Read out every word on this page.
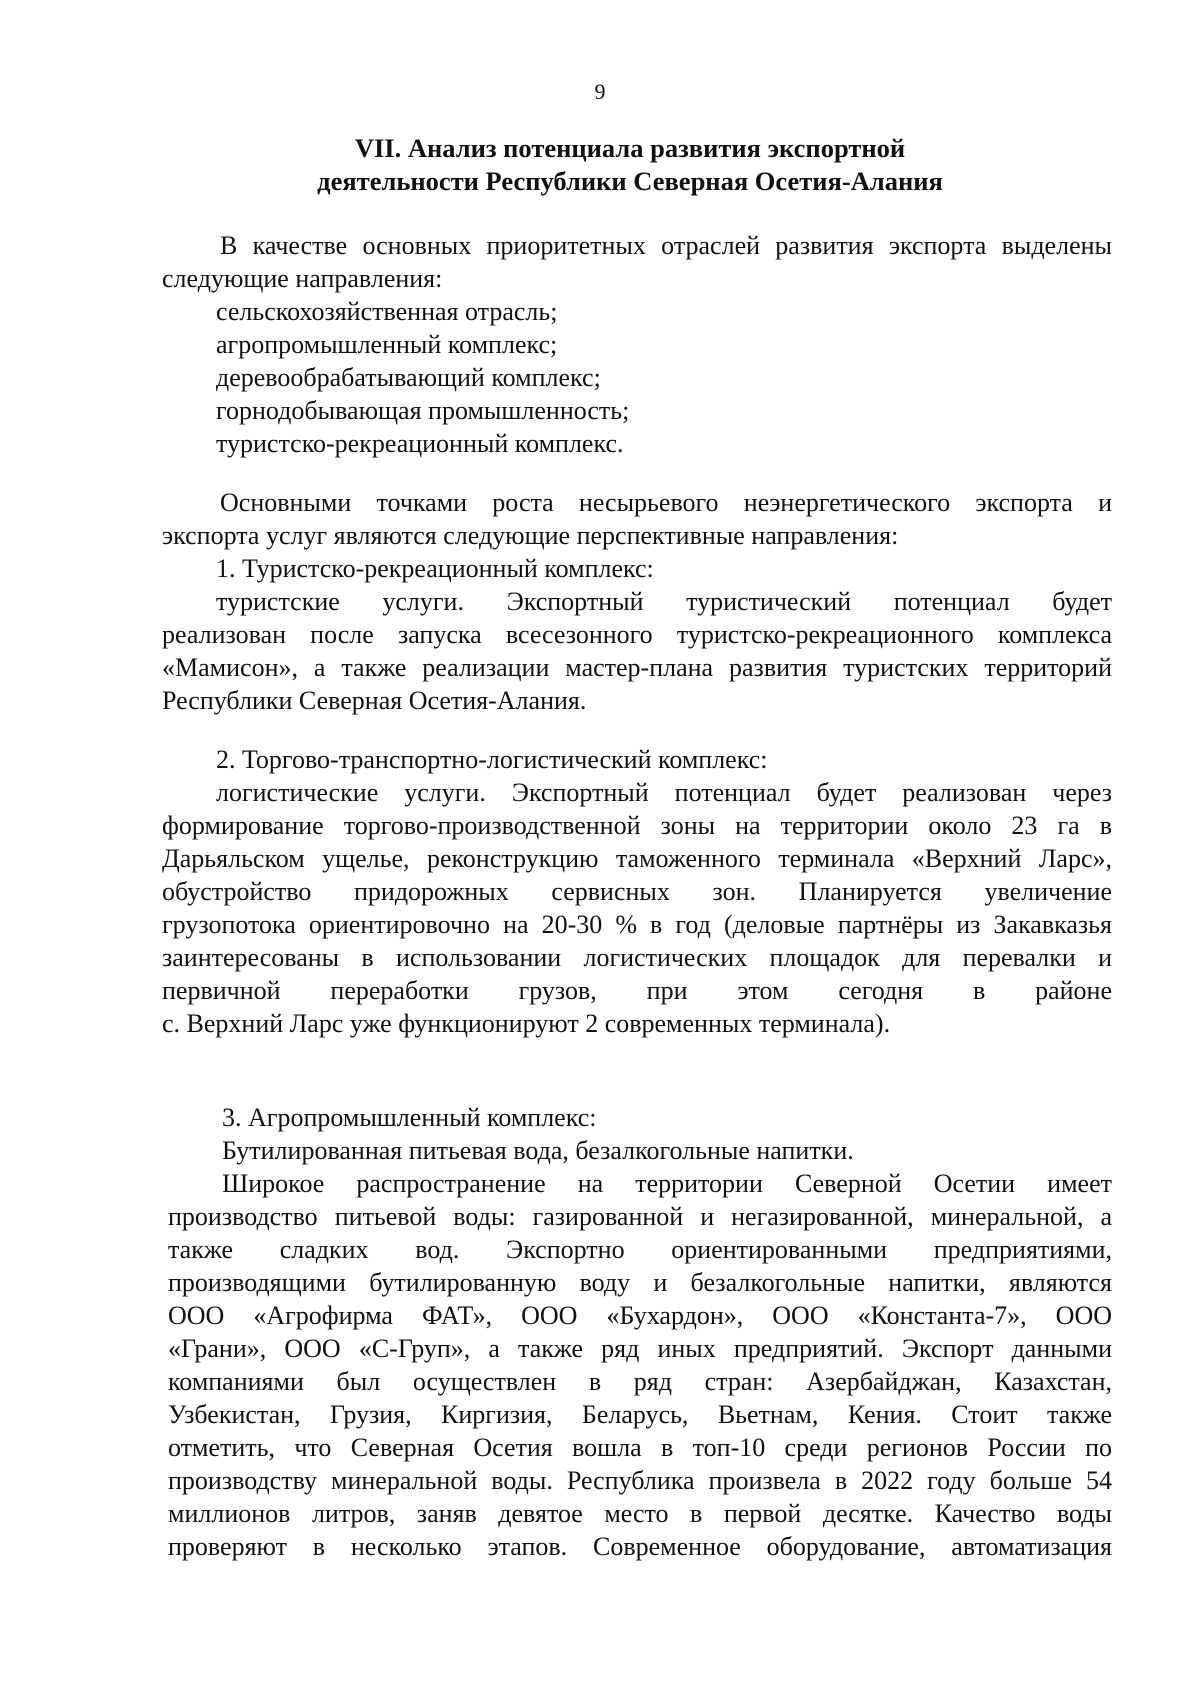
9
VII. Анализ потенциала развития экспортной
деятельности Республики Северная Осетия-Алания
В качестве основных приоритетных отраслей развития экспорта выделены
следующие направления:
сельскохозяйственная отрасль;
агропромышленный комплекс;
деревообрабатывающий комплекс;
горнодобывающая промышленность;
туристско-рекреационный комплекс.
Основными точками роста несырьевого неэнергетического экспорта и
экспорта услуг являются следующие перспективные направления:
1. Туристско-рекреационный комплекс:
туристские услуги. Экспортный туристический потенциал будет
реализован после запуска всесезонного туристско-рекреационного комплекса
«Мамисон», а также реализации мастер-плана развития туристских территорий
Республики Северная Осетия-Алания.
2. Торгово-транспортно-логистический комплекс:
логистические услуги. Экспортный потенциал будет реализован через
формирование торгово-производственной зоны на территории около 23 га в
Дарьяльском ущелье, реконструкцию таможенного терминала «Верхний Ларс»,
обустройство придорожных сервисных зон. Планируется увеличение
грузопотока ориентировочно на 20-30 % в год (деловые партнёры из Закавказья
заинтересованы в использовании логистических площадок для перевалки и
первичной переработки грузов, при этом сегодня в районе
с. Верхний Ларс уже функционируют 2 современных терминала).
3. Агропромышленный комплекс:
Бутилированная питьевая вода, безалкогольные напитки.
Широкое распространение на территории Северной Осетии имеет
производство питьевой воды: газированной и негазированной, минеральной, а
также сладких вод. Экспортно ориентированными предприятиями,
производящими бутилированную воду и безалкогольные напитки, являются
ООО «Агрофирма ФАТ», ООО «Бухардон», ООО «Константа-7», ООО
«Грани», ООО «С-Груп», а также ряд иных предприятий. Экспорт данными
компаниями был осуществлен в ряд стран: Азербайджан, Казахстан,
Узбекистан, Грузия, Киргизия, Беларусь, Вьетнам, Кения. Стоит также
отметить, что Северная Осетия вошла в топ-10 среди регионов России по
производству минеральной воды. Республика произвела в 2022 году больше 54
миллионов литров, заняв девятое место в первой десятке. Качество воды
проверяют в несколько этапов. Современное оборудование, автоматизация
